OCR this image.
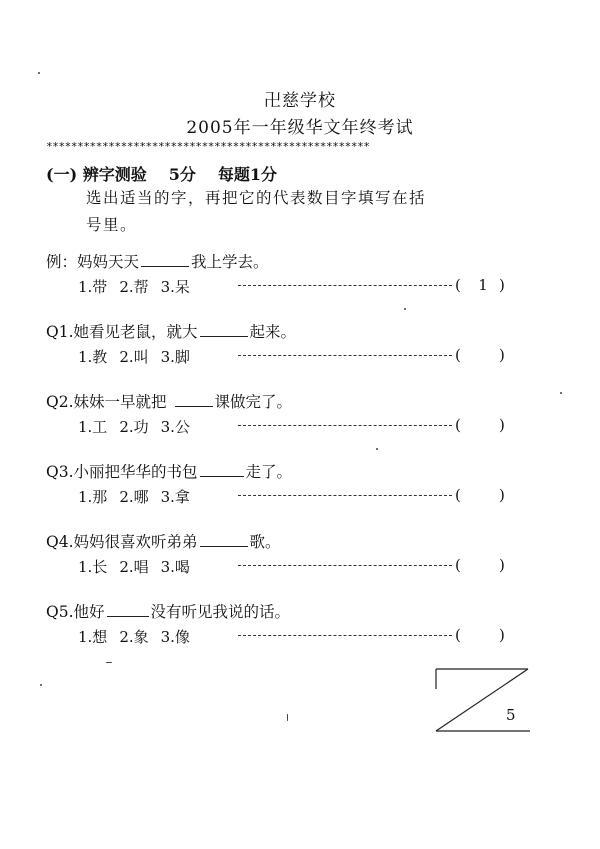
卍慈学校
2005年一年级华文年终考试
****************************************************
(一) 辨字测验 5分 每题1分
选出适当的字，再把它的代表数目字填写在括
号里。
例：妈妈天天	我上学去。
1.带 2.帮 3.呆	( 1 )
Q1.她看见老鼠，就大	起来。
1.教 2.叫 3.脚	(	)
Q2.妹妹一早就把	课做完了。
1.工 2.功 3.公	(	)
Q3.小丽把华华的书包	走了。
1.那 2.哪 3.拿	(	)
Q4.妈妈很喜欢听弟弟	歌。
1.长 2.唱 3.喝	(	)
Q5.他好	没有听见我说的话。
1.想 2.象 3.像	(	)
5
